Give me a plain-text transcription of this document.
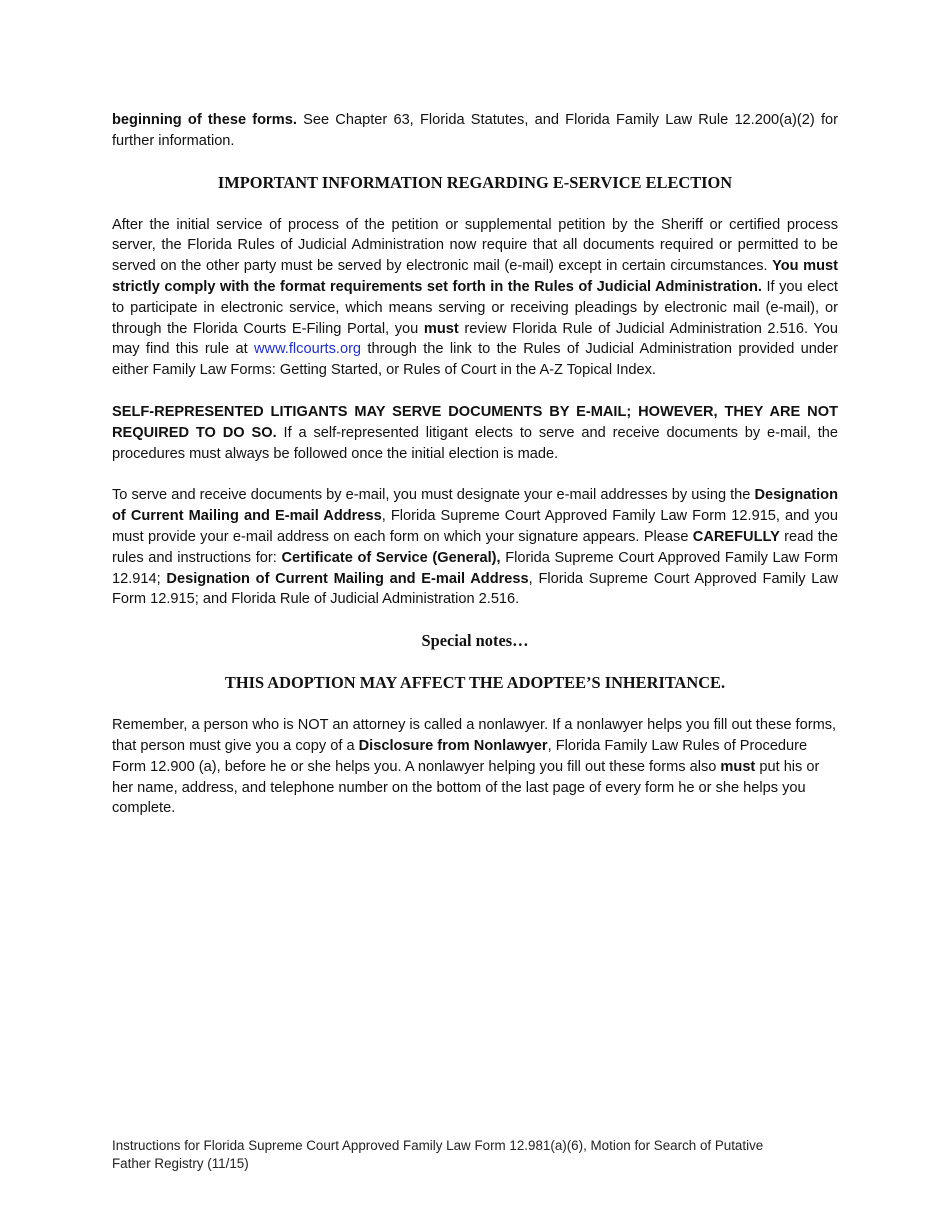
beginning of these forms. See Chapter 63, Florida Statutes, and Florida Family Law Rule 12.200(a)(2) for further information.

IMPORTANT INFORMATION REGARDING E-SERVICE ELECTION

After the initial service of process of the petition or supplemental petition by the Sheriff or certified process server, the Florida Rules of Judicial Administration now require that all documents required or permitted to be served on the other party must be served by electronic mail (e-mail) except in certain circumstances. You must strictly comply with the format requirements set forth in the Rules of Judicial Administration. If you elect to participate in electronic service, which means serving or receiving pleadings by electronic mail (e-mail), or through the Florida Courts E-Filing Portal, you must review Florida Rule of Judicial Administration 2.516. You may find this rule at www.flcourts.org through the link to the Rules of Judicial Administration provided under either Family Law Forms: Getting Started, or Rules of Court in the A-Z Topical Index.

SELF-REPRESENTED LITIGANTS MAY SERVE DOCUMENTS BY E-MAIL; HOWEVER, THEY ARE NOT REQUIRED TO DO SO. If a self-represented litigant elects to serve and receive documents by e-mail, the procedures must always be followed once the initial election is made.

To serve and receive documents by e-mail, you must designate your e-mail addresses by using the Designation of Current Mailing and E-mail Address, Florida Supreme Court Approved Family Law Form 12.915, and you must provide your e-mail address on each form on which your signature appears. Please CAREFULLY read the rules and instructions for: Certificate of Service (General), Florida Supreme Court Approved Family Law Form 12.914; Designation of Current Mailing and E-mail Address, Florida Supreme Court Approved Family Law Form 12.915; and Florida Rule of Judicial Administration 2.516.

Special notes…
THIS ADOPTION MAY AFFECT THE ADOPTEE’S INHERITANCE.

Remember, a person who is NOT an attorney is called a nonlawyer. If a nonlawyer helps you fill out these forms, that person must give you a copy of a Disclosure from Nonlawyer, Florida Family Law Rules of Procedure Form 12.900 (a), before he or she helps you. A nonlawyer helping you fill out these forms also must put his or her name, address, and telephone number on the bottom of the last page of every form he or she helps you complete.

Instructions for Florida Supreme Court Approved Family Law Form 12.981(a)(6), Motion for Search of Putative
Father Registry (11/15)
